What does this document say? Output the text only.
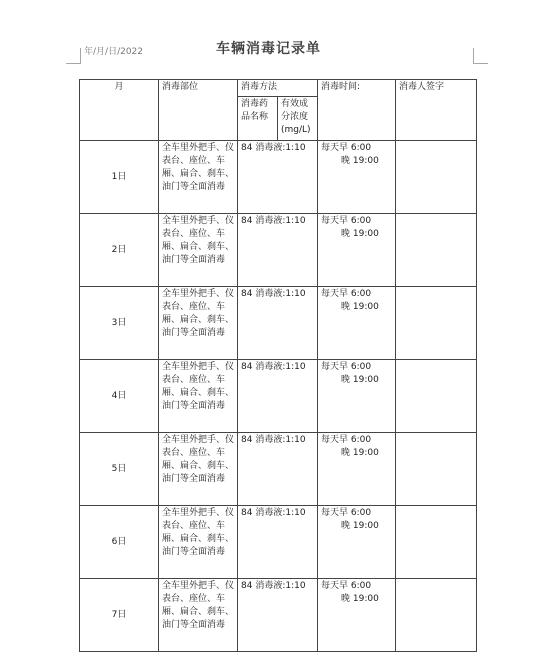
年/月/日/2022	车辆消毒记录单
月	消毒部位	消毒方法		消毒时间:	消毒人签字
		消毒药品名称	有效成分浓度(mg/L)		
1日	全车里外把手、仪表台、座位、车厢、扁合、刹车、油门等全面消毒	84 消毒液:1:10		每天早 6:00
晚 19:00	

2日	全车里外把手、仪表台、座位、车厢、扁合、刹车、油门等全面消毒	84 消毒液:1:10		每天早 6:00
晚 19:00	

3日	全车里外把手、仪表台、座位、车厢、扁合、刹车、油门等全面消毒	84 消毒液:1:10		每天早 6:00
晚 19:00	

4日	全车里外把手、仪表台、座位、车厢、扁合、刹车、油门等全面消毒	84 消毒液:1:10		每天早 6:00
晚 19:00	

5日	全车里外把手、仪表台、座位、车厢、扁合、刹车、油门等全面消毒	84 消毒液:1:10		每天早 6:00
晚 19:00	

6日	全车里外把手、仪表台、座位、车厢、扁合、刹车、油门等全面消毒	84 消毒液:1:10		每天早 6:00
晚 19:00	

7日	全车里外把手、仪表台、座位、车厢、扁合、刹车、油门等全面消毒	84 消毒液:1:10		每天早 6:00
晚 19:00	
